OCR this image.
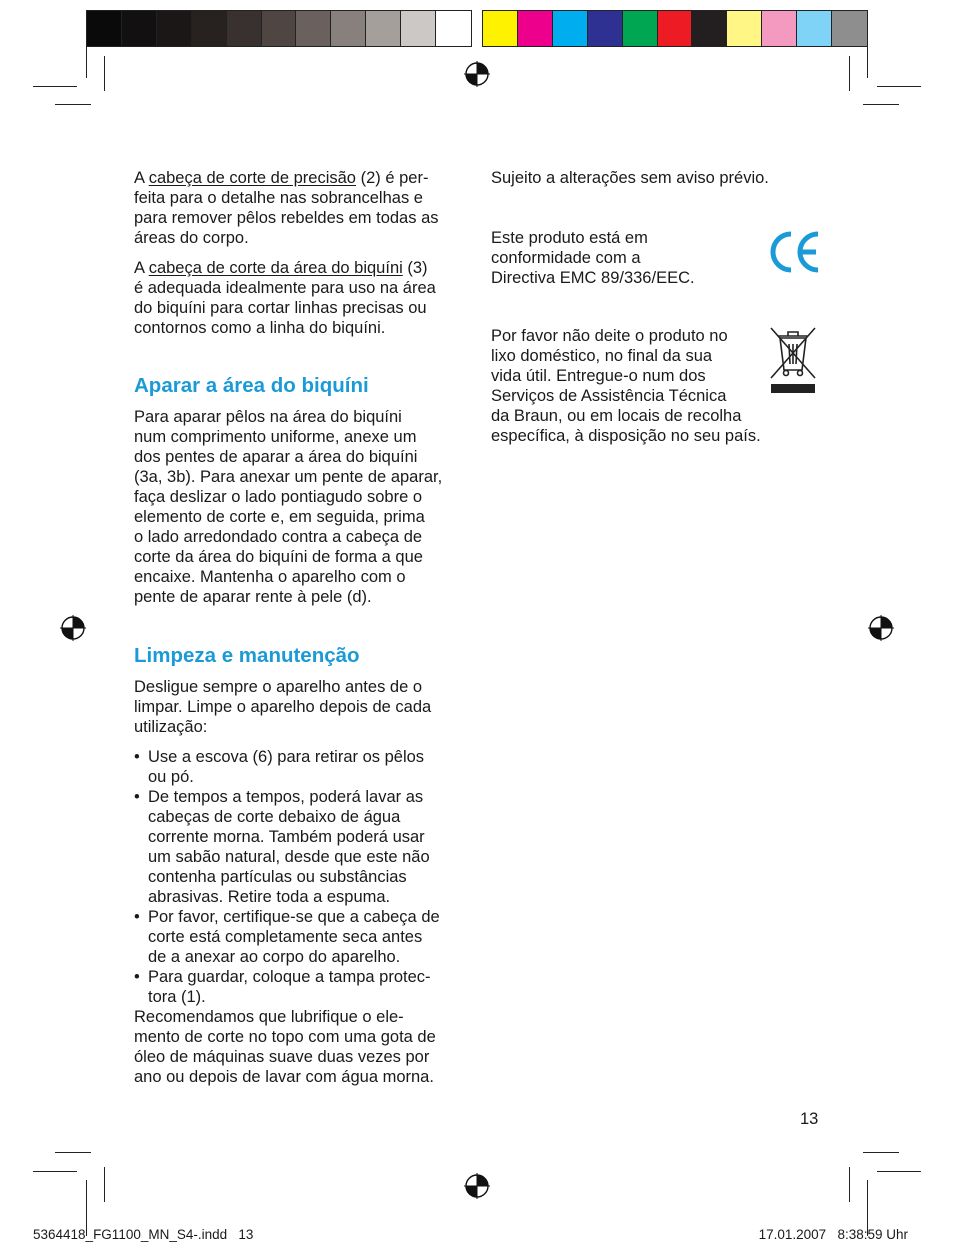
A cabeça de corte de precisão (2) é per-
feita para o detalhe nas sobrancelhas e
para remover pêlos rebeldes em todas as
áreas do corpo.

A cabeça de corte da área do biquíni (3)
é adequada idealmente para uso na área
do biquíni para cortar linhas precisas ou
contornos como a linha do biquíni.

Aparar a área do biquíni

Para aparar pêlos na área do biquíni
num comprimento uniforme, anexe um
dos pentes de aparar a área do biquíni
(3a, 3b). Para anexar um pente de aparar,
faça deslizar o lado pontiagudo sobre o
elemento de corte e, em seguida, prima
o lado arredondado contra a cabeça de
corte da área do biquíni de forma a que
encaixe. Mantenha o aparelho com o
pente de aparar rente à pele (d).

Limpeza e manutenção

Desligue sempre o aparelho antes de o
limpar. Limpe o aparelho depois de cada
utilização:

• Use a escova (6) para retirar os pêlos
ou pó.
• De tempos a tempos, poderá lavar as
cabeças de corte debaixo de água
corrente morna. Também poderá usar
um sabão natural, desde que este não
contenha partículas ou substâncias
abrasivas. Retire toda a espuma.
• Por favor, certifique-se que a cabeça de
corte está completamente seca antes
de a anexar ao corpo do aparelho.
• Para guardar, coloque a tampa protec-
tora (1).

Recomendamos que lubrifique o ele-
mento de corte no topo com uma gota de
óleo de máquinas suave duas vezes por
ano ou depois de lavar com água morna.

Sujeito a alterações sem aviso prévio.

Este produto está em
conformidade com a
Directiva EMC 89/336/EEC.

Por favor não deite o produto no
lixo doméstico, no final da sua
vida útil. Entregue-o num dos
Serviços de Assistência Técnica
da Braun, ou em locais de recolha
específica, à disposição no seu país.

13
5364418_FG1100_MN_S4-.indd   13	17.01.2007   8:38:59 Uhr
